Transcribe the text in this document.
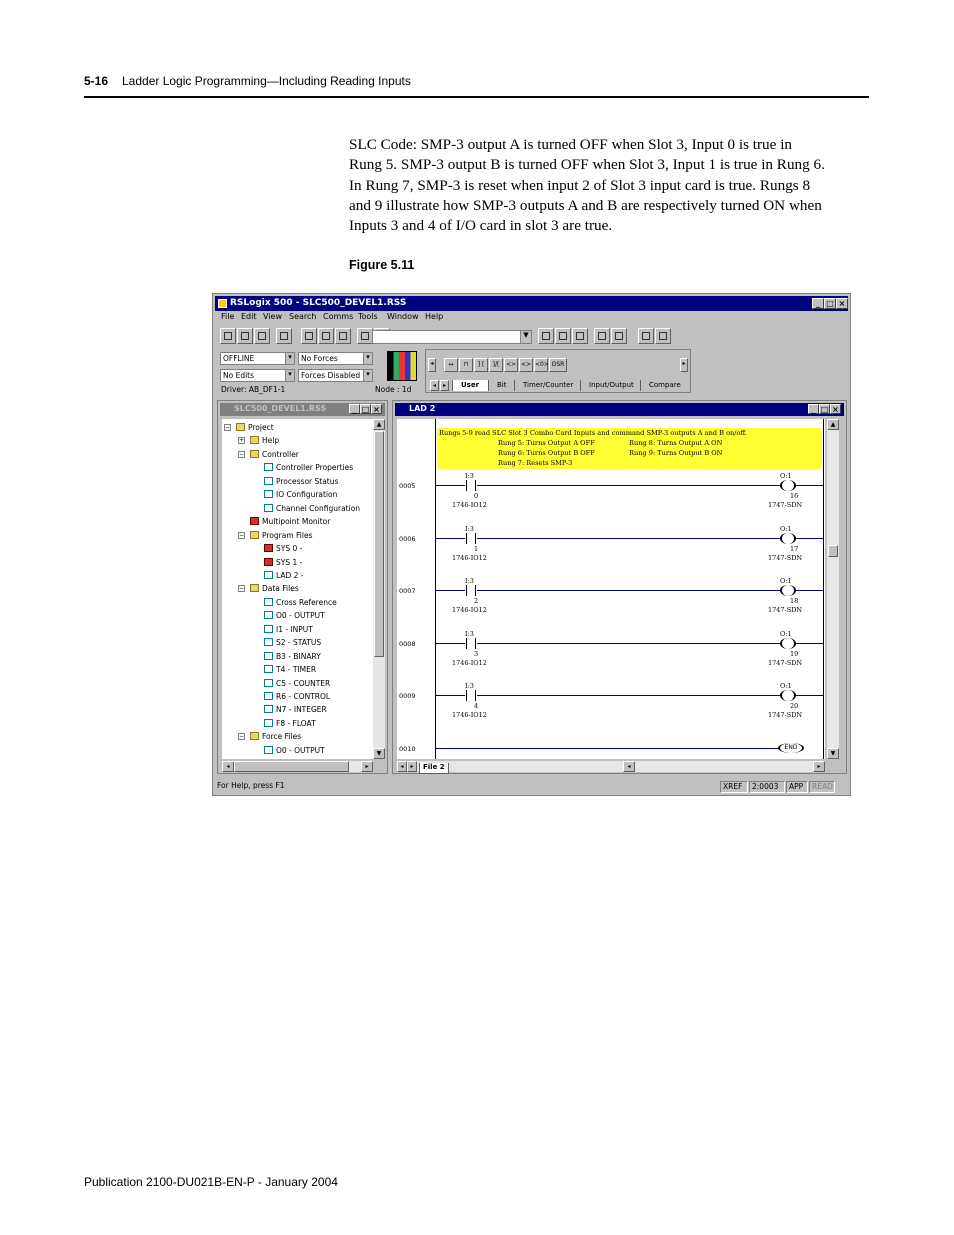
5-16 Ladder Logic Programming—Including Reading Inputs
SLC Code: SMP-3 output A is turned OFF when Slot 3, Input 0 is true in
Rung 5. SMP-3 output B is turned OFF when Slot 3, Input 1 is true in Rung 6.
In Rung 7, SMP-3 is reset when input 2 of Slot 3 input card is true. Rungs 8
and 9 illustrate how SMP-3 outputs A and B are respectively turned ON when
Inputs 3 and 4 of I/O card in slot 3 are true.
Figure 5.11
RSLogix 500 - SLC500_DEVEL1.RSS	_ □ ×
File Edit View Search Comms Tools Window Help
▼
OFFLINE	▾	No Forces	▾
No Edits	▾	Forces Disabled ▾
Driver: AB_DF1-1	Node : 1d
◂	↔	⊓	] [	]/[	<> <> <0> OSR	▸
◂	▸	User	Bit	Timer/Counter	Input/Output	Compare
SLC500_DEVEL1.RSS	_ □ ×
−	Project
+	Help
−	Controller
Controller Properties
Processor Status
IO Configuration
Channel Configuration
Multipoint Monitor
−	Program Files
SYS 0 -
SYS 1 -
LAD 2 -
−	Data Files
Cross Reference
O0 - OUTPUT
I1 - INPUT
S2 - STATUS
B3 - BINARY
T4 - TIMER
C5 - COUNTER
R6 - CONTROL
N7 - INTEGER
F8 - FLOAT
−	Force Files
O0 - OUTPUT
▲
▼
◂	▸
LAD 2	_ □ ×
Rungs 5-9 read SLC Slot 3 Combo Card Inputs and command SMP-3 outputs A and B on/off.
Rung 5: Turns Output A OFF
Rung 6: Turns Output B OFF
Rung 7: Resets SMP-3
Rung 8: Turns Output A ON
Rung 9: Turns Output B ON
0005
I:3
0
1746-IO12
O:1
16
1747-SDN
0006
I:3
1
1746-IO12
O:1
17
1747-SDN
0007
I:3
2
1746-IO12
O:1
18
1747-SDN
0008
I:3
3
1746-IO12
O:1
19
1747-SDN
0009
I:3
4
1746-IO12
O:1
20
1747-SDN
0010	END
▲
▼
◂	▸	◂	▸
File 2
For Help, press F1	XREF	2:0003	APP	READ
Publication 2100-DU021B-EN-P - January 2004
